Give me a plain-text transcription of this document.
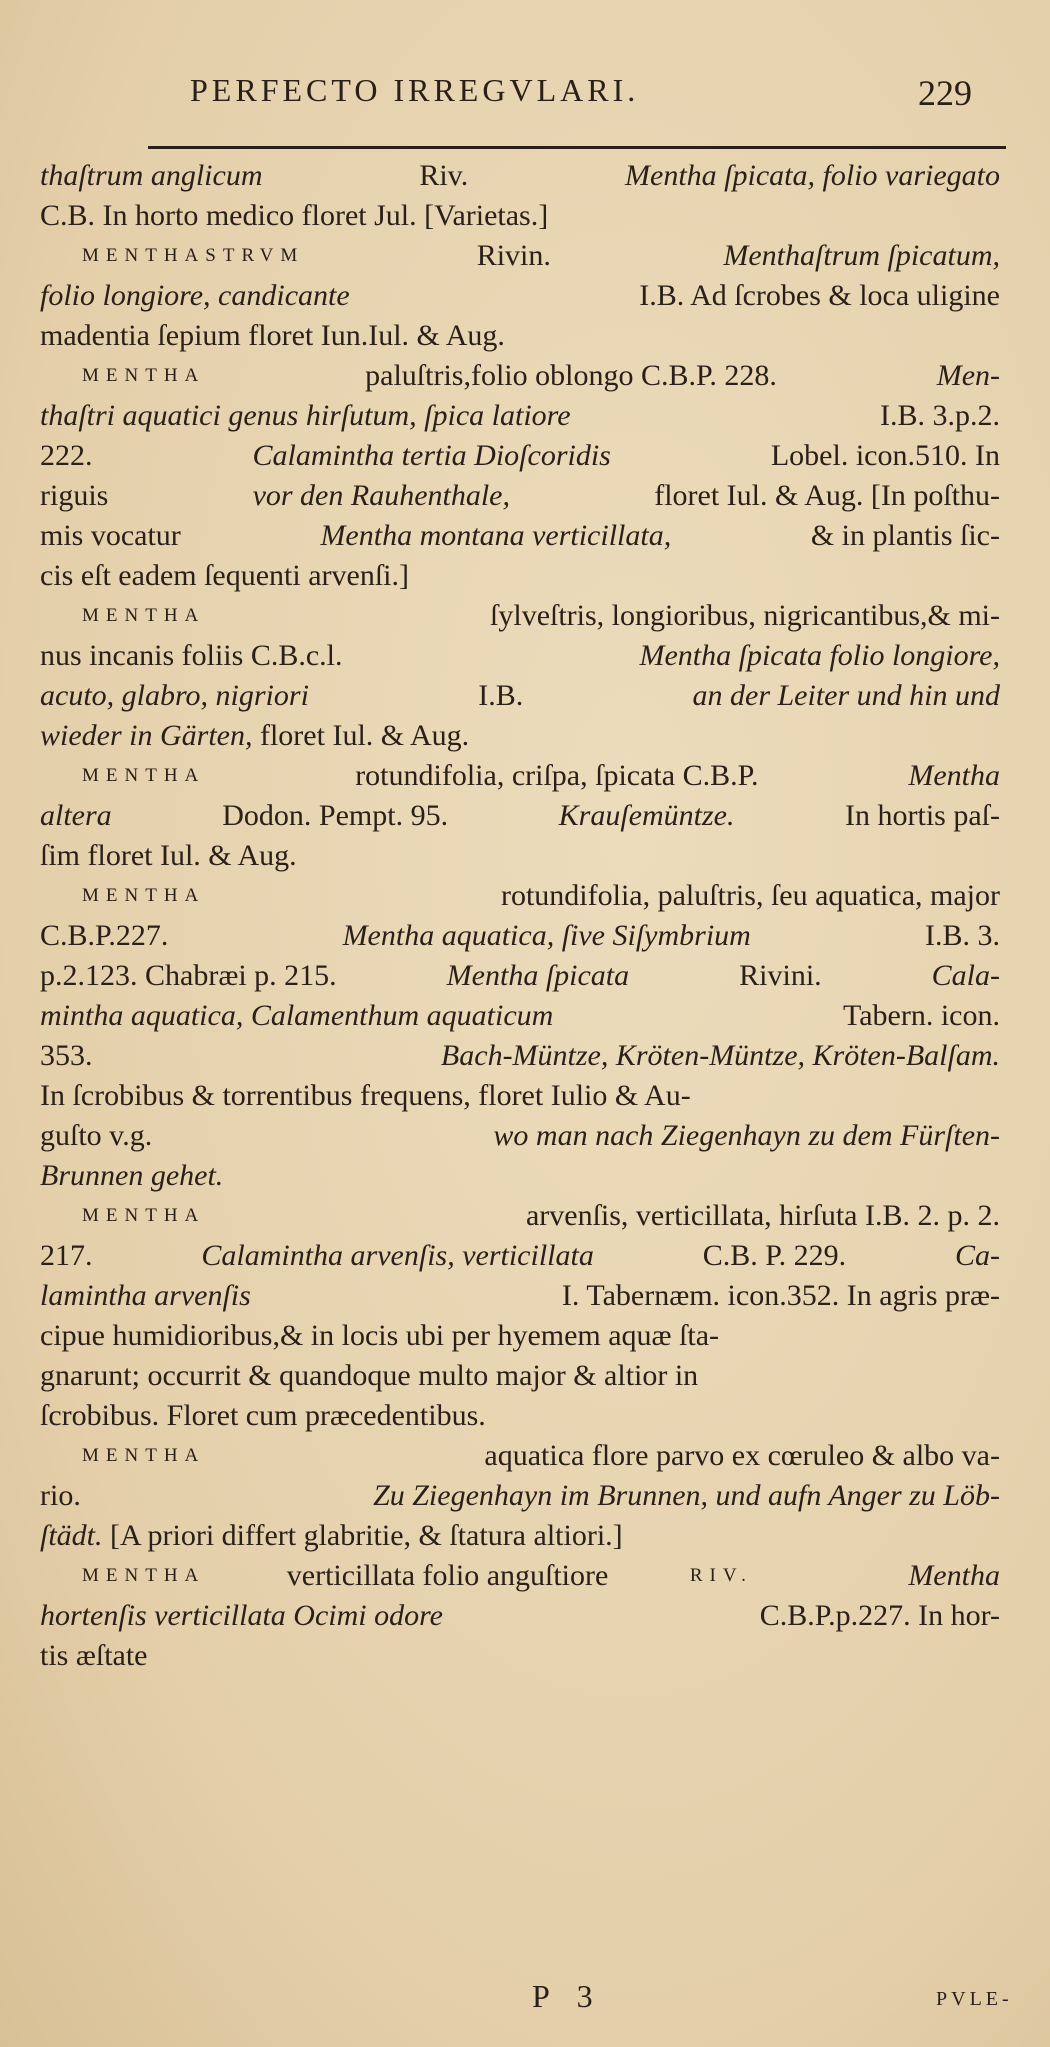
PERFECTO IRREGVLARI.	229
thaſtrum anglicum	Riv.	Mentha ſpicata, folio variegato
C.B. In horto medico floret Jul. [Varietas.]
MENTHASTRVM	Rivin.	Menthaſtrum ſpicatum,
folio longiore, candicante	I.B. Ad ſcrobes & loca uligine
madentia ſepium floret Iun.Iul. & Aug.
MENTHA	paluſtris,folio oblongo C.B.P. 228.	Men-
thaſtri aquatici genus hirſutum, ſpica latiore	I.B. 3.p.2.
222.	Calamintha tertia Dioſcoridis	Lobel. icon.510. In
riguis	vor den Rauhenthale,	floret Iul. & Aug. [In poſthu-
mis vocatur	Mentha montana verticillata,	& in plantis ſic-
cis eſt eadem ſequenti arvenſi.]
MENTHA	ſylveſtris, longioribus, nigricantibus,& mi-
nus incanis foliis C.B.c.l.	Mentha ſpicata folio longiore,
acuto, glabro, nigriori	I.B.	an der Leiter und hin und
wieder in Gärten, floret Iul. & Aug.
MENTHA	rotundifolia, criſpa, ſpicata C.B.P.	Mentha
altera	Dodon. Pempt. 95.	Krauſemüntze.	In hortis paſ-
ſim floret Iul. & Aug.
MENTHA	rotundifolia, paluſtris, ſeu aquatica, major
C.B.P.227.	Mentha aquatica, ſive Siſymbrium	I.B. 3.
p.2.123. Chabræi p. 215.	Mentha ſpicata	Rivini.	Cala-
mintha aquatica, Calamenthum aquaticum	Tabern. icon.
353.	Bach-Müntze, Kröten-Müntze, Kröten-Balſam.
In ſcrobibus & torrentibus frequens, floret Iulio & Au-
guſto v.g.	wo man nach Ziegenhayn zu dem Fürſten-
Brunnen gehet.
MENTHA	arvenſis, verticillata, hirſuta I.B. 2. p. 2.
217.	Calamintha arvenſis, verticillata	C.B. P. 229.	Ca-
lamintha arvenſis	I. Tabernæm. icon.352. In agris præ-
cipue humidioribus,& in locis ubi per hyemem aquæ ſta-
gnarunt; occurrit & quandoque multo major & altior in
ſcrobibus. Floret cum præcedentibus.
MENTHA	aquatica flore parvo ex cœruleo & albo va-
rio.	Zu Ziegenhayn im Brunnen, und aufn Anger zu Löb-
ſtädt. [A priori differt glabritie, & ſtatura altiori.]
MENTHA verticillata folio anguſtiore	RIV.
	Mentha
hortenſis verticillata Ocimi odore	C.B.P.p.227. In hor-
tis æſtate
P 3	PVLE-
